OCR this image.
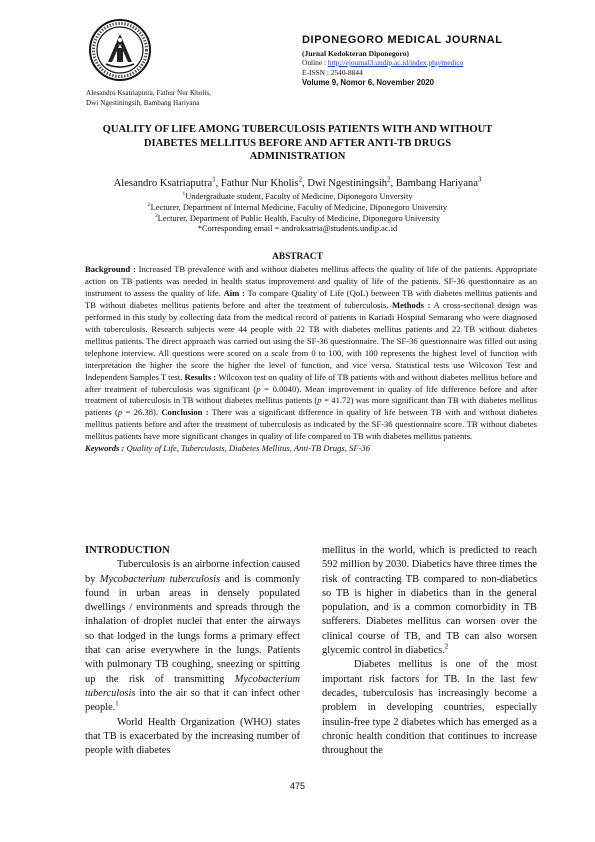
Alesandro Ksatriaputra, Fathur Nur Kholis,
Dwi Ngestiningsih, Bambang Hariyana
DIPONEGORO MEDICAL JOURNAL
(Jurnal Kedokteran Diponegoro)
Online : http://ejournal3.undip.ac.id/index.php/medico
E-ISSN : 2540-8844
Volume 9, Nomor 6, November 2020
QUALITY OF LIFE AMONG TUBERCULOSIS PATIENTS WITH AND WITHOUT
DIABETES MELLITUS BEFORE AND AFTER ANTI-TB DRUGS
ADMINISTRATION
Alesandro Ksatriaputra$^1$, Fathur Nur Kholis$^2$, Dwi Ngestiningsih$^2$, Bambang Hariyana$^3$
$^1$Undergraduate student, Faculty of Medicine, Diponegoro Unversity
$^2$Lecturer, Department of Internal Medicine, Faculty of Medicine, Diponegoro University
$^3$Lecturer, Department of Public Health, Faculty of Medicine, Diponegoro University
*Corresponding email = androksatria@students.undip.ac.id
ABSTRACT
Background : Increased TB prevalence with and without diabetes mellitus affects the quality of life of the patients. Appropriate action on TB patients was needed in health status improvement and quality of life of the patients. SF-36 questionnaire as an instrument to assess the quality of life. Aim : To compare Quality of Life (QoL) between TB with diabetes mellitus patients and TB without diabetes mellitus patients before and after the treatment of tuberculosis. Methods : A cross-sectional design was performed in this study by collecting data from the medical record of patients in Kariadi Hospital Semarang who were diagnosed with tuberculosis. Research subjects were 44 people with 22 TB with diabetes mellitus patients and 22 TB without diabetes mellitus patients. The direct approach was carried out using the SF-36 questionnaire. The SF-36 questionnaire was filled out using telephone interview. All questions were scored on a scale from 0 to 100, with 100 represents the highest level of function with interpretation the higher the score the higher the level of function, and vice versa. Statistical tests use Wilcoxon Test and Independent Samples T test. Results : Wilcoxon test on quality of life of TB patients with and without diabetes mellitus before and after treatment of tuberculosis was significant (p = 0.0040). Mean improvement in quality of life difference before and after treatment of tuberculosis in TB without diabetes mellitus patients (p = 41.72) was more significant than TB with diabetes mellitus patients (p = 26.38). Conclusion : There was a significant difference in quality of life between TB with and without diabetes mellitus patients before and after the treatment of tuberculosis as indicated by the SF-36 questionnaire score. TB without diabetes mellitus patients have more significant changes in quality of life compared to TB with diabetes mellitus patients.
Keywords : Quality of Life, Tuberculosis, Diabetes Mellitus, Anti-TB Drugs, SF-36

INTRODUCTION

Tuberculosis is an airborne infection caused by Mycobacterium tuberculosis and is commonly found in urban areas in densely populated dwellings / environments and spreads through the inhalation of droplet nuclei that enter the airways so that lodged in the lungs forms a primary effect that can arise everywhere in the lungs. Patients with pulmonary TB coughing, sneezing or spitting up the risk of transmitting Mycobacterium tuberculosis into the air so that it can infect other people.$^1$

World Health Organization (WHO) states that TB is exacerbated by the increasing number of people with diabetes

mellitus in the world, which is predicted to reach 592 million by 2030. Diabetics have three times the risk of contracting TB compared to non-diabetics so TB is higher in diabetics than in the general population, and is a common comorbidity in TB sufferers. Diabetes mellitus can worsen over the clinical course of TB, and TB can also worsen glycemic control in diabetics.$^2$

Diabetes mellitus is one of the most important risk factors for TB. In the last few decades, tuberculosis has increasingly become a problem in developing countries, especially insulin-free type 2 diabetes which has emerged as a chronic health condition that continues to increase throughout the

475
